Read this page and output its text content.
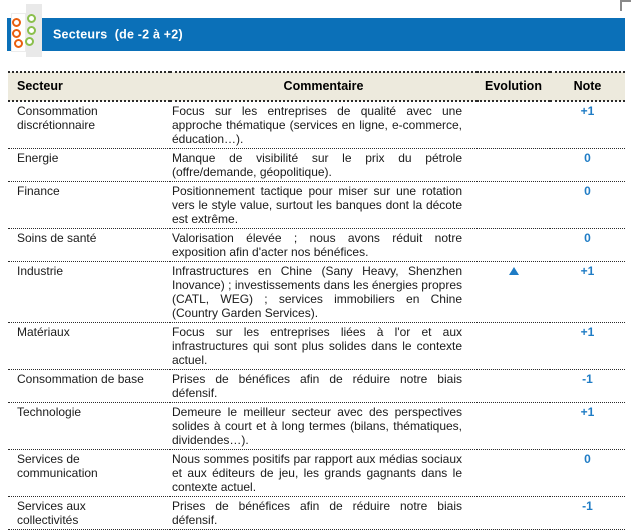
Secteurs  (de -2 à +2)
Secteur	Commentaire	Evolution	Note
Consommation discrétionnaire	Focus sur les entreprises de qualité avec une approche thématique (services en ligne, e-commerce, éducation…).		+1
Energie	Manque de visibilité sur le prix du pétrole (offre/demande, géopolitique).		0
Finance	Positionnement tactique pour miser sur une rotation vers le style value, surtout les banques dont la décote est extrême.		0
Soins de santé	Valorisation élevée ; nous avons réduit notre exposition afin d'acter nos bénéfices.		0
Industrie	Infrastructures en Chine (Sany Heavy, Shenzhen Inovance) ; investissements dans les énergies propres (CATL, WEG) ; services immobiliers en Chine (Country Garden Services).		+1
Matériaux	Focus sur les entreprises liées à l'or et aux infrastructures qui sont plus solides dans le contexte actuel.		+1
Consommation de base	Prises de bénéfices afin de réduire notre biais défensif.		-1
Technologie	Demeure le meilleur secteur avec des perspectives solides à court et à long termes (bilans, thématiques, dividendes…).		+1
Services de communication	Nous sommes positifs par rapport aux médias sociaux et aux éditeurs de jeu, les grands gagnants dans le contexte actuel.		0
Services aux collectivités	Prises de bénéfices afin de réduire notre biais défensif.		-1
